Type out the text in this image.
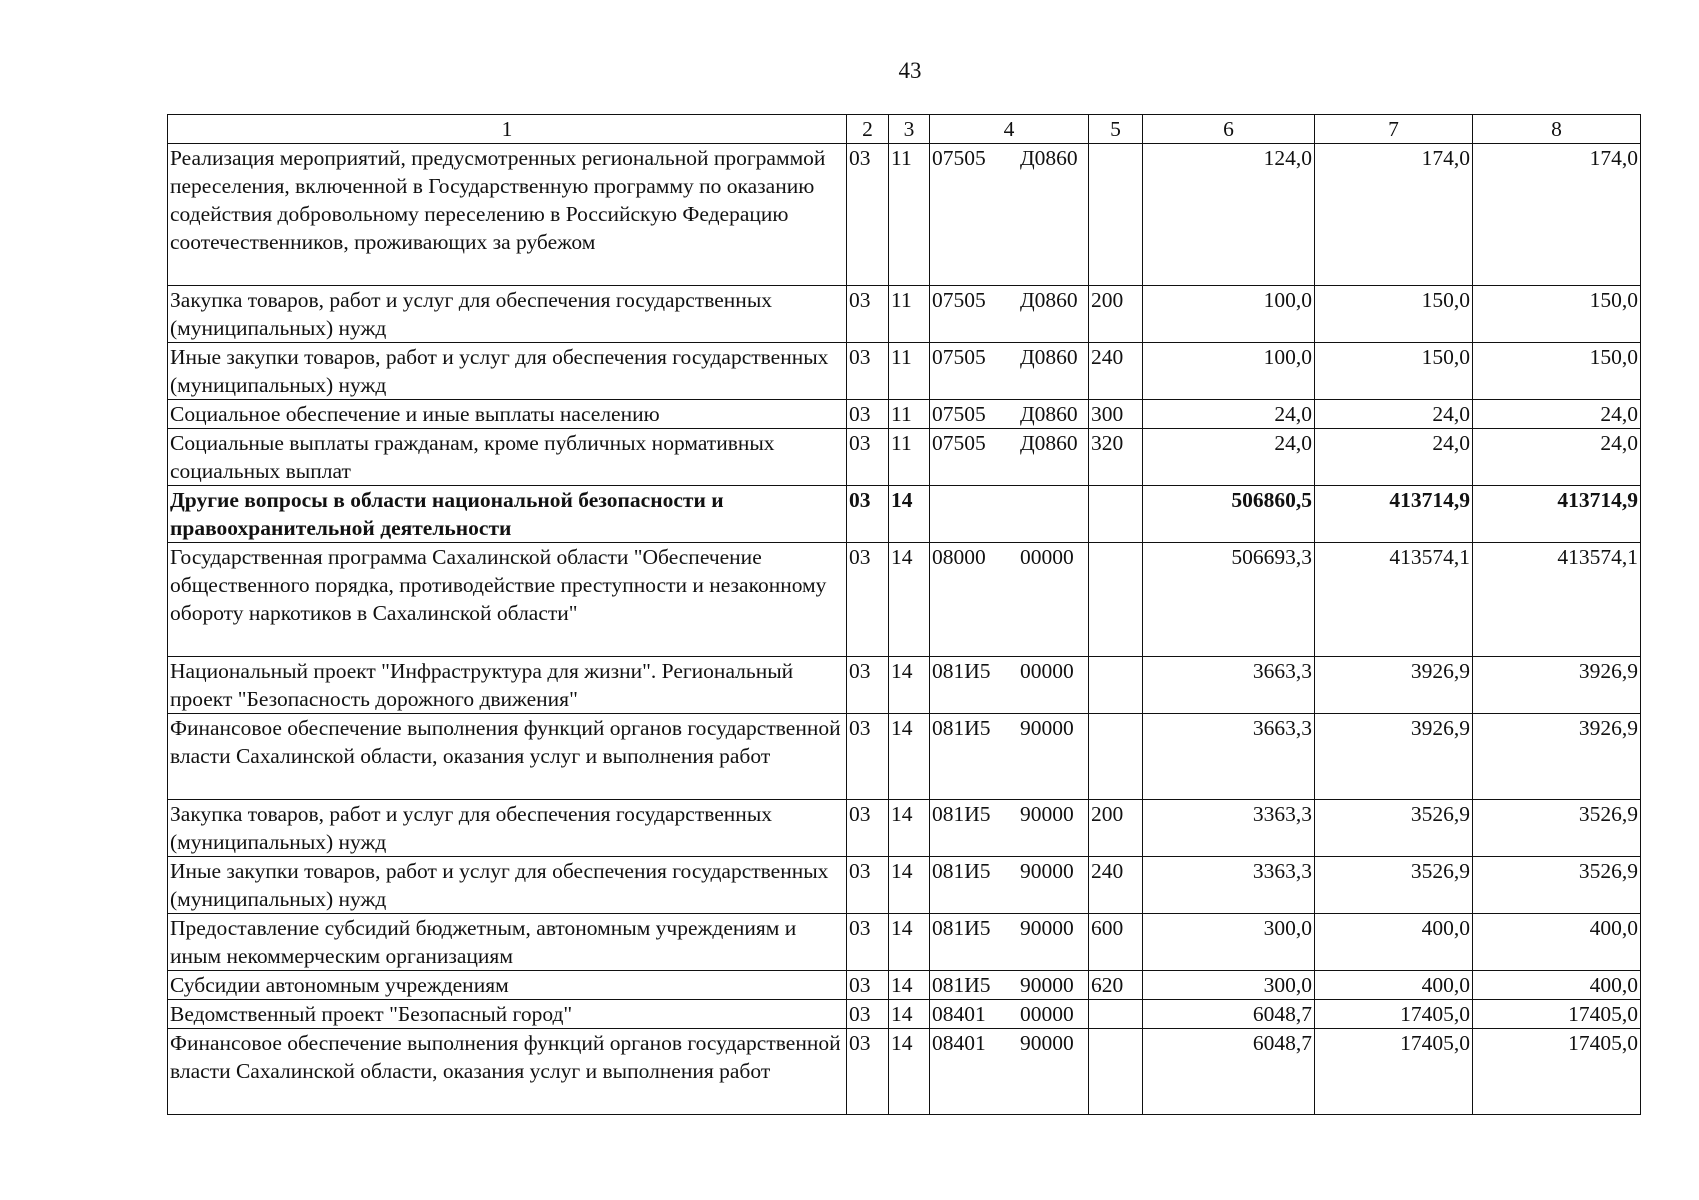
43
1	2	3	4	5	6	7	8
Реализация мероприятий, предусмотренных региональной программой переселения, включенной в Государственную программу по оказанию содействия добровольному переселению в Российскую Федерацию соотечественников, проживающих за рубежом	03	11	07505 Д0860		124,0	174,0	174,0
Закупка товаров, работ и услуг для обеспечения государственных (муниципальных) нужд	03	11	07505 Д0860	200	100,0	150,0	150,0
Иные закупки товаров, работ и услуг для обеспечения государственных (муниципальных) нужд	03	11	07505 Д0860	240	100,0	150,0	150,0
Социальное обеспечение и иные выплаты населению	03	11	07505 Д0860	300	24,0	24,0	24,0
Социальные выплаты гражданам, кроме публичных нормативных социальных выплат	03	11	07505 Д0860	320	24,0	24,0	24,0
Другие вопросы в области национальной безопасности и правоохранительной деятельности	03	14			506860,5	413714,9	413714,9
Государственная программа Сахалинской области "Обеспечение общественного порядка, противодействие преступности и незаконному обороту наркотиков в Сахалинской области"	03	14	08000 00000		506693,3	413574,1	413574,1
Национальный проект "Инфраструктура для жизни". Региональный проект "Безопасность дорожного движения"	03	14	081И5 00000		3663,3	3926,9	3926,9
Финансовое обеспечение выполнения функций органов государственной власти Сахалинской области, оказания услуг и выполнения работ	03	14	081И5 90000		3663,3	3926,9	3926,9
Закупка товаров, работ и услуг для обеспечения государственных (муниципальных) нужд	03	14	081И5 90000	200	3363,3	3526,9	3526,9
Иные закупки товаров, работ и услуг для обеспечения государственных (муниципальных) нужд	03	14	081И5 90000	240	3363,3	3526,9	3526,9
Предоставление субсидий бюджетным, автономным учреждениям и иным некоммерческим организациям	03	14	081И5 90000	600	300,0	400,0	400,0
Субсидии автономным учреждениям	03	14	081И5 90000	620	300,0	400,0	400,0
Ведомственный проект "Безопасный город"	03	14	08401 00000		6048,7	17405,0	17405,0
Финансовое обеспечение выполнения функций органов государственной власти Сахалинской области, оказания услуг и выполнения работ	03	14	08401 90000		6048,7	17405,0	17405,0
